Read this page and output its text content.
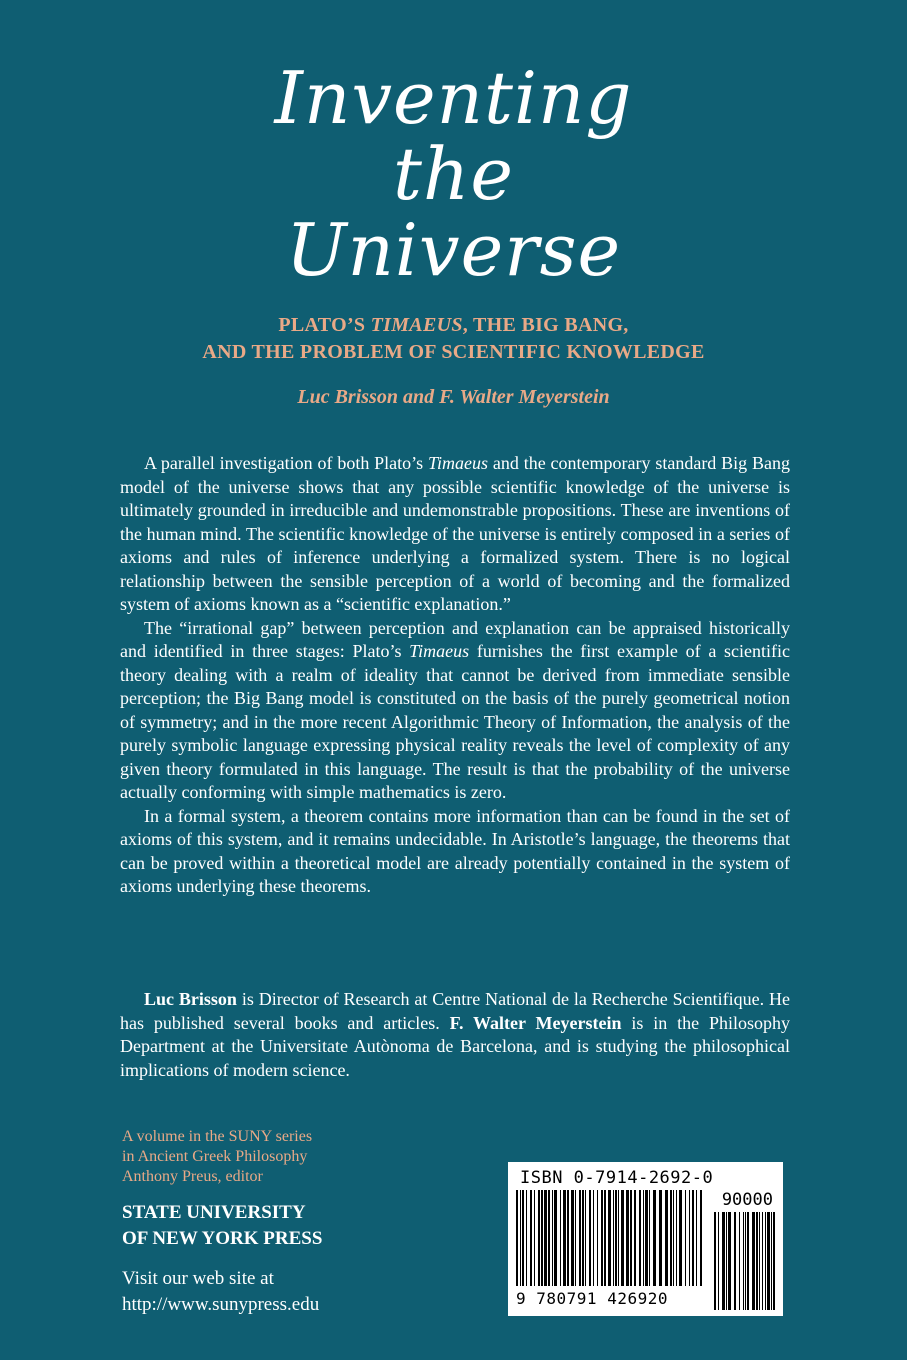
Inventing
the
Universe
PLATO’S TIMAEUS, THE BIG BANG,
AND THE PROBLEM OF SCIENTIFIC KNOWLEDGE
Luc Brisson and F. Walter Meyerstein

A parallel investigation of both Plato’s Timaeus and the contemporary standard Big Bang model of the universe shows that any possible scientific knowledge of the universe is ultimately grounded in irreducible and undemonstrable propositions. These are inventions of the human mind. The scientific knowledge of the universe is entirely composed in a series of axioms and rules of inference underlying a formalized system. There is no logical relationship between the sensible perception of a world of becoming and the formalized system of axioms known as a “scientific explanation.”

The “irrational gap” between perception and explanation can be appraised historically and identified in three stages: Plato’s Timaeus furnishes the first example of a scientific theory dealing with a realm of ideality that cannot be derived from immediate sensible perception; the Big Bang model is constituted on the basis of the purely geometrical notion of symmetry; and in the more recent Algorithmic Theory of Information, the analysis of the purely symbolic language expressing physical reality reveals the level of complexity of any given theory formulated in this language. The result is that the probability of the universe actually conforming with simple mathematics is zero.

In a formal system, a theorem contains more information than can be found in the set of axioms of this system, and it remains undecidable. In Aristotle’s language, the theorems that can be proved within a theoretical model are already potentially contained in the system of axioms underlying these theorems.

Luc Brisson is Director of Research at Centre National de la Recherche Scientifique. He has published several books and articles. F. Walter Meyerstein is in the Philosophy Department at the Universitate Autònoma de Barcelona, and is studying the philosophical implications of modern science.
A volume in the SUNY series
in Ancient Greek Philosophy
Anthony Preus, editor
STATE UNIVERSITY
OF NEW YORK PRESS
Visit our web site at
http://www.sunypress.edu
ISBN 0-7914-2692-0
90000
9 780791 426920
